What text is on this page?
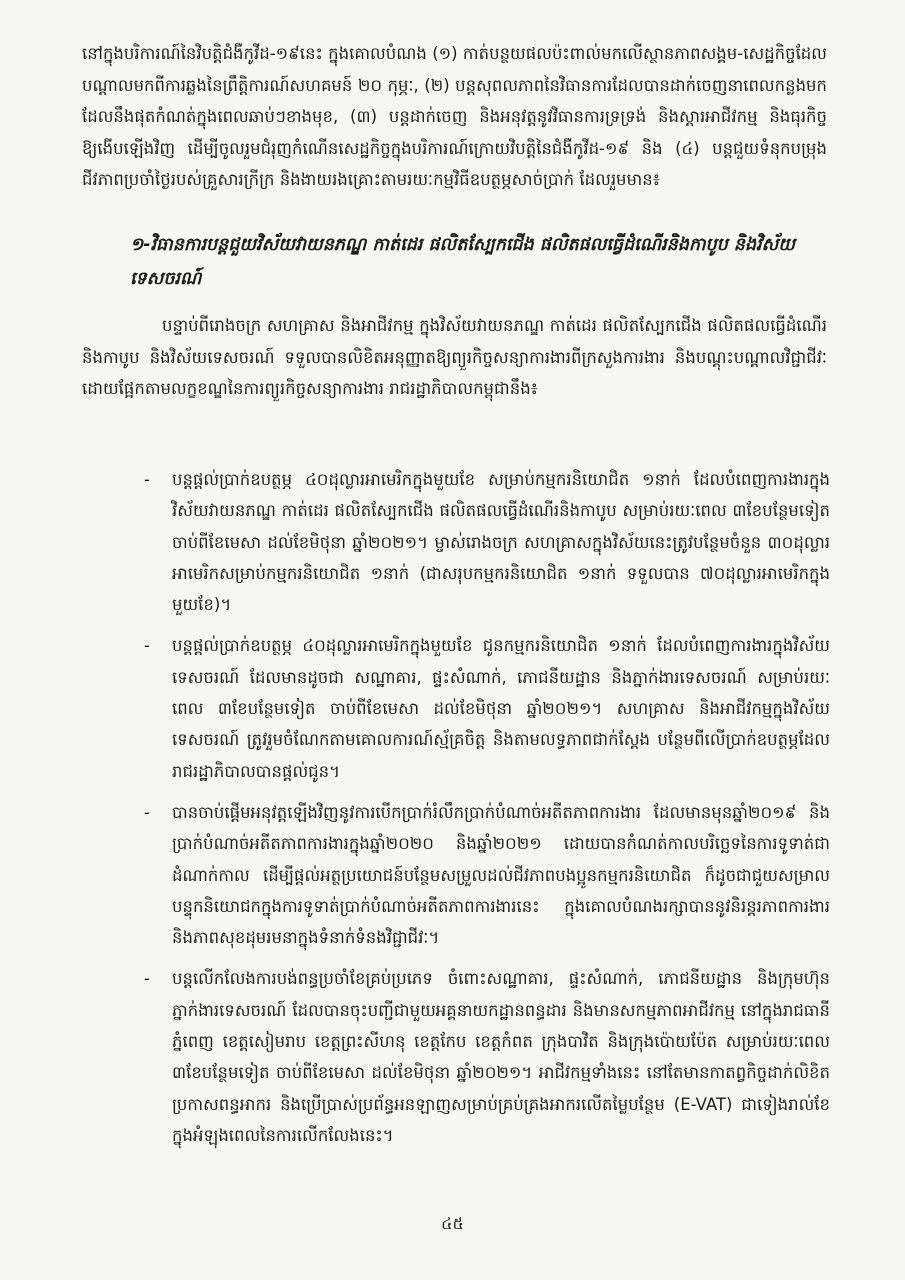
នៅក្នុងបរិការណ៍នៃវិបត្តិជំងឺកូវីដ-១៩នេះ ក្នុងគោលបំណង (១) កាត់បន្ថយផលប៉ះពាល់មកលើស្ថានភាពសង្គម-សេដ្ឋកិច្ចដែលបណ្តាលមកពីការឆ្លងនៃព្រឹត្តិការណ៍សហគមន៍ ២០ កុម្ភៈ, (២) បន្តសុពលភាពនៃវិធានការដែលបានដាក់ចេញនាពេលកន្លងមក ដែលនឹងផុតកំណត់ក្នុងពេលឆាប់ៗខាងមុខ, (៣) បន្តដាក់ចេញ និងអនុវត្តនូវវិធានការទ្រទ្រង់ និងស្តារអាជីវកម្ម និងធុរកិច្ច ឱ្យងើបឡើងវិញ ដើម្បីចូលរួមជំរុញកំណើនសេដ្ឋកិច្ចក្នុងបរិការណ៍ក្រោយវិបត្តិនៃជំងឺកូវីដ-១៩ និង (៤) បន្តជួយទំនុកបម្រុងជីវភាពប្រចាំថ្ងៃរបស់គ្រួសារក្រីក្រ និងងាយរងគ្រោះតាមរយៈកម្មវិធីឧបត្ថម្ភសាច់ប្រាក់ ដែលរួមមាន៖

១-វិធានការបន្តជួយវិស័យវាយនភណ្ឌ កាត់ដេរ ផលិតស្បែកជើង ផលិតផលធ្វើដំណើរនិងកាបូប និងវិស័យទេសចរណ៍

បន្ទាប់ពីរោងចក្រ សហគ្រាស និងអាជីវកម្ម ក្នុងវិស័យវាយនភណ្ឌ កាត់ដេរ ផលិតស្បែកជើង ផលិតផលធ្វើដំណើរនិងកាបូប និងវិស័យទេសចរណ៍ ទទួលបានលិខិតអនុញ្ញាតឱ្យព្យួរកិច្ចសន្យាការងារពីក្រសួងការងារ និងបណ្តុះបណ្តាលវិជ្ជាជីវៈ ដោយផ្អែកតាមលក្ខខណ្ឌនៃការព្យួរកិច្ចសន្យាការងារ រាជរដ្ឋាភិបាលកម្ពុជានឹង៖

- បន្តផ្តល់ប្រាក់ឧបត្ថម្ភ ៤០ដុល្លារអាមេរិកក្នុងមួយខែ សម្រាប់កម្មករនិយោជិត ១នាក់ ដែលបំពេញការងារក្នុងវិស័យវាយនភណ្ឌ កាត់ដេរ ផលិតស្បែកជើង ផលិតផលធ្វើដំណើរនិងកាបូប សម្រាប់រយៈពេល ៣ខែបន្ថែមទៀត ចាប់ពីខែមេសា ដល់ខែមិថុនា ឆ្នាំ២០២១។ ម្ចាស់រោងចក្រ សហគ្រាសក្នុងវិស័យនេះត្រូវបន្ថែមចំនួន ៣០ដុល្លារអាមេរិកសម្រាប់កម្មករនិយោជិត ១នាក់ (ជាសរុបកម្មករនិយោជិត ១នាក់ ទទួលបាន ៧០ដុល្លារអាមេរិកក្នុងមួយខែ)។
- បន្តផ្តល់ប្រាក់ឧបត្ថម្ភ ៤០ដុល្លារអាមេរិកក្នុងមួយខែ ជូនកម្មករនិយោជិត ១នាក់ ដែលបំពេញការងារក្នុងវិស័យទេសចរណ៍ ដែលមានដូចជា សណ្ឋាគារ, ផ្ទះសំណាក់, ភោជនីយដ្ឋាន និងភ្នាក់ងារទេសចរណ៍ សម្រាប់រយៈពេល ៣ខែបន្ថែមទៀត ចាប់ពីខែមេសា ដល់ខែមិថុនា ឆ្នាំ២០២១។ សហគ្រាស និងអាជីវកម្មក្នុងវិស័យទេសចរណ៍ ត្រូវរួមចំណែកតាមគោលការណ៍ស្ម័គ្រចិត្ត និងតាមលទ្ធភាពជាក់ស្តែង បន្ថែមពីលើប្រាក់ឧបត្ថម្ភដែលរាជរដ្ឋាភិបាលបានផ្តល់ជូន។
- បានចាប់ផ្តើមអនុវត្តឡើងវិញនូវការបើកប្រាក់រំលឹកប្រាក់បំណាច់អតីតភាពការងារ ដែលមានមុនឆ្នាំ២០១៩ និងប្រាក់បំណាច់អតីតភាពការងារក្នុងឆ្នាំ២០២០ និងឆ្នាំ២០២១ ដោយបានកំណត់កាលបរិច្ឆេទនៃការទូទាត់ជាដំណាក់កាល ដើម្បីផ្តល់អត្ថប្រយោជន៍បន្ថែមសម្រួលដល់ជីវភាពបងប្អូនកម្មករនិយោជិត ក៏ដូចជាជួយសម្រាលបន្ទុកនិយោជកក្នុងការទូទាត់ប្រាក់បំណាច់អតីតភាពការងារនេះ ក្នុងគោលបំណងរក្សាបាននូវនិរន្តរភាពការងារ និងភាពសុខដុមរមនាក្នុងទំនាក់ទំនងវិជ្ជាជីវៈ។
- បន្តលើកលែងការបង់ពន្ធប្រចាំខែគ្រប់ប្រភេទ ចំពោះសណ្ឋាគារ, ផ្ទះសំណាក់, ភោជនីយដ្ឋាន និងក្រុមហ៊ុនភ្នាក់ងារទេសចរណ៍ ដែលបានចុះបញ្ជីជាមួយអគ្គនាយកដ្ឋានពន្ធដារ និងមានសកម្មភាពអាជីវកម្ម នៅក្នុងរាជធានីភ្នំពេញ ខេត្តសៀមរាប ខេត្តព្រះសីហនុ ខេត្តកែប ខេត្តកំពត ក្រុងបាវិត និងក្រុងប៉ោយប៉ែត សម្រាប់រយៈពេល ៣ខែបន្ថែមទៀត ចាប់ពីខែមេសា ដល់ខែមិថុនា ឆ្នាំ២០២១។ អាជីវកម្មទាំងនេះ នៅតែមានកាតព្វកិច្ចដាក់លិខិតប្រកាសពន្ធអាករ និងប្រើប្រាស់ប្រព័ន្ធអនឡាញសម្រាប់គ្រប់គ្រងអាករលើតម្លៃបន្ថែម (E-VAT) ជាទៀងរាល់ខែ ក្នុងអំឡុងពេលនៃការលើកលែងនេះ។
៤៥
